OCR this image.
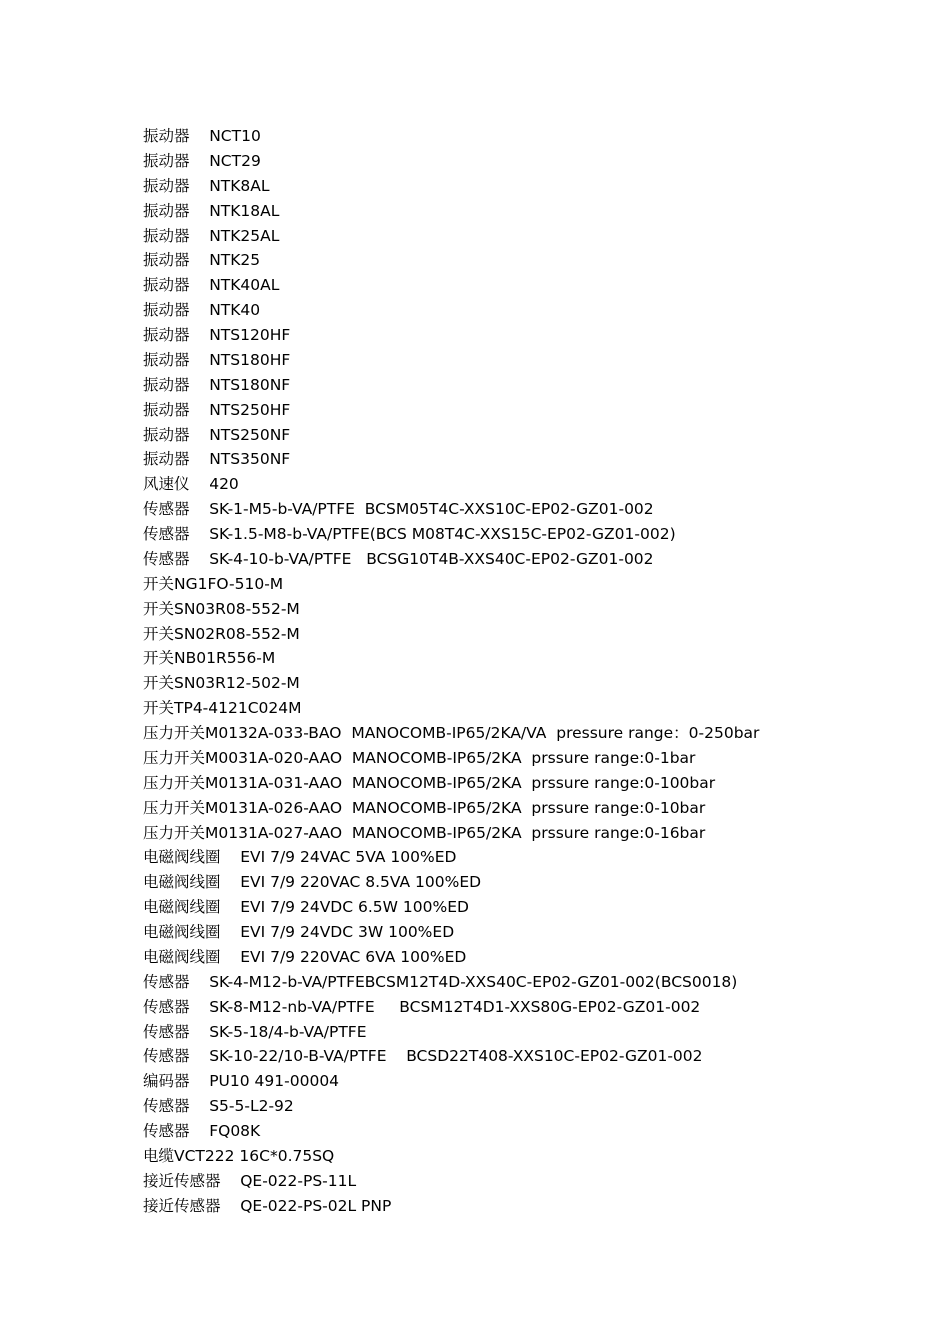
振动器    NCT10
振动器    NCT29
振动器    NTK8AL
振动器    NTK18AL
振动器    NTK25AL
振动器    NTK25
振动器    NTK40AL
振动器    NTK40
振动器    NTS120HF
振动器    NTS180HF
振动器    NTS180NF
振动器    NTS250HF
振动器    NTS250NF
振动器    NTS350NF
风速仪    420
传感器    SK-1-M5-b-VA/PTFE  BCSM05T4C-XXS10C-EP02-GZ01-002
传感器    SK-1.5-M8-b-VA/PTFE(BCS M08T4C-XXS15C-EP02-GZ01-002)
传感器    SK-4-10-b-VA/PTFE   BCSG10T4B-XXS40C-EP02-GZ01-002
开关NG1FO-510-M
开关SN03R08-552-M
开关SN02R08-552-M
开关NB01R556-M
开关SN03R12-502-M
开关TP4-4121C024M
压力开关M0132A-033-BAO  MANOCOMB-IP65/2KA/VA  pressure range：0-250bar
压力开关M0031A-020-AAO  MANOCOMB-IP65/2KA  prssure range:0-1bar
压力开关M0131A-031-AAO  MANOCOMB-IP65/2KA  prssure range:0-100bar
压力开关M0131A-026-AAO  MANOCOMB-IP65/2KA  prssure range:0-10bar
压力开关M0131A-027-AAO  MANOCOMB-IP65/2KA  prssure range:0-16bar
电磁阀线圈    EVI 7/9 24VAC 5VA 100%ED
电磁阀线圈    EVI 7/9 220VAC 8.5VA 100%ED
电磁阀线圈    EVI 7/9 24VDC 6.5W 100%ED
电磁阀线圈    EVI 7/9 24VDC 3W 100%ED
电磁阀线圈    EVI 7/9 220VAC 6VA 100%ED
传感器    SK-4-M12-b-VA/PTFEBCSM12T4D-XXS40C-EP02-GZ01-002(BCS0018)
传感器    SK-8-M12-nb-VA/PTFE     BCSM12T4D1-XXS80G-EP02-GZ01-002
传感器    SK-5-18/4-b-VA/PTFE
传感器    SK-10-22/10-B-VA/PTFE    BCSD22T408-XXS10C-EP02-GZ01-002
编码器    PU10 491-00004
传感器    S5-5-L2-92
传感器    FQ08K
电缆VCT222 16C*0.75SQ
接近传感器    QE-022-PS-11L
接近传感器    QE-022-PS-02L PNP
